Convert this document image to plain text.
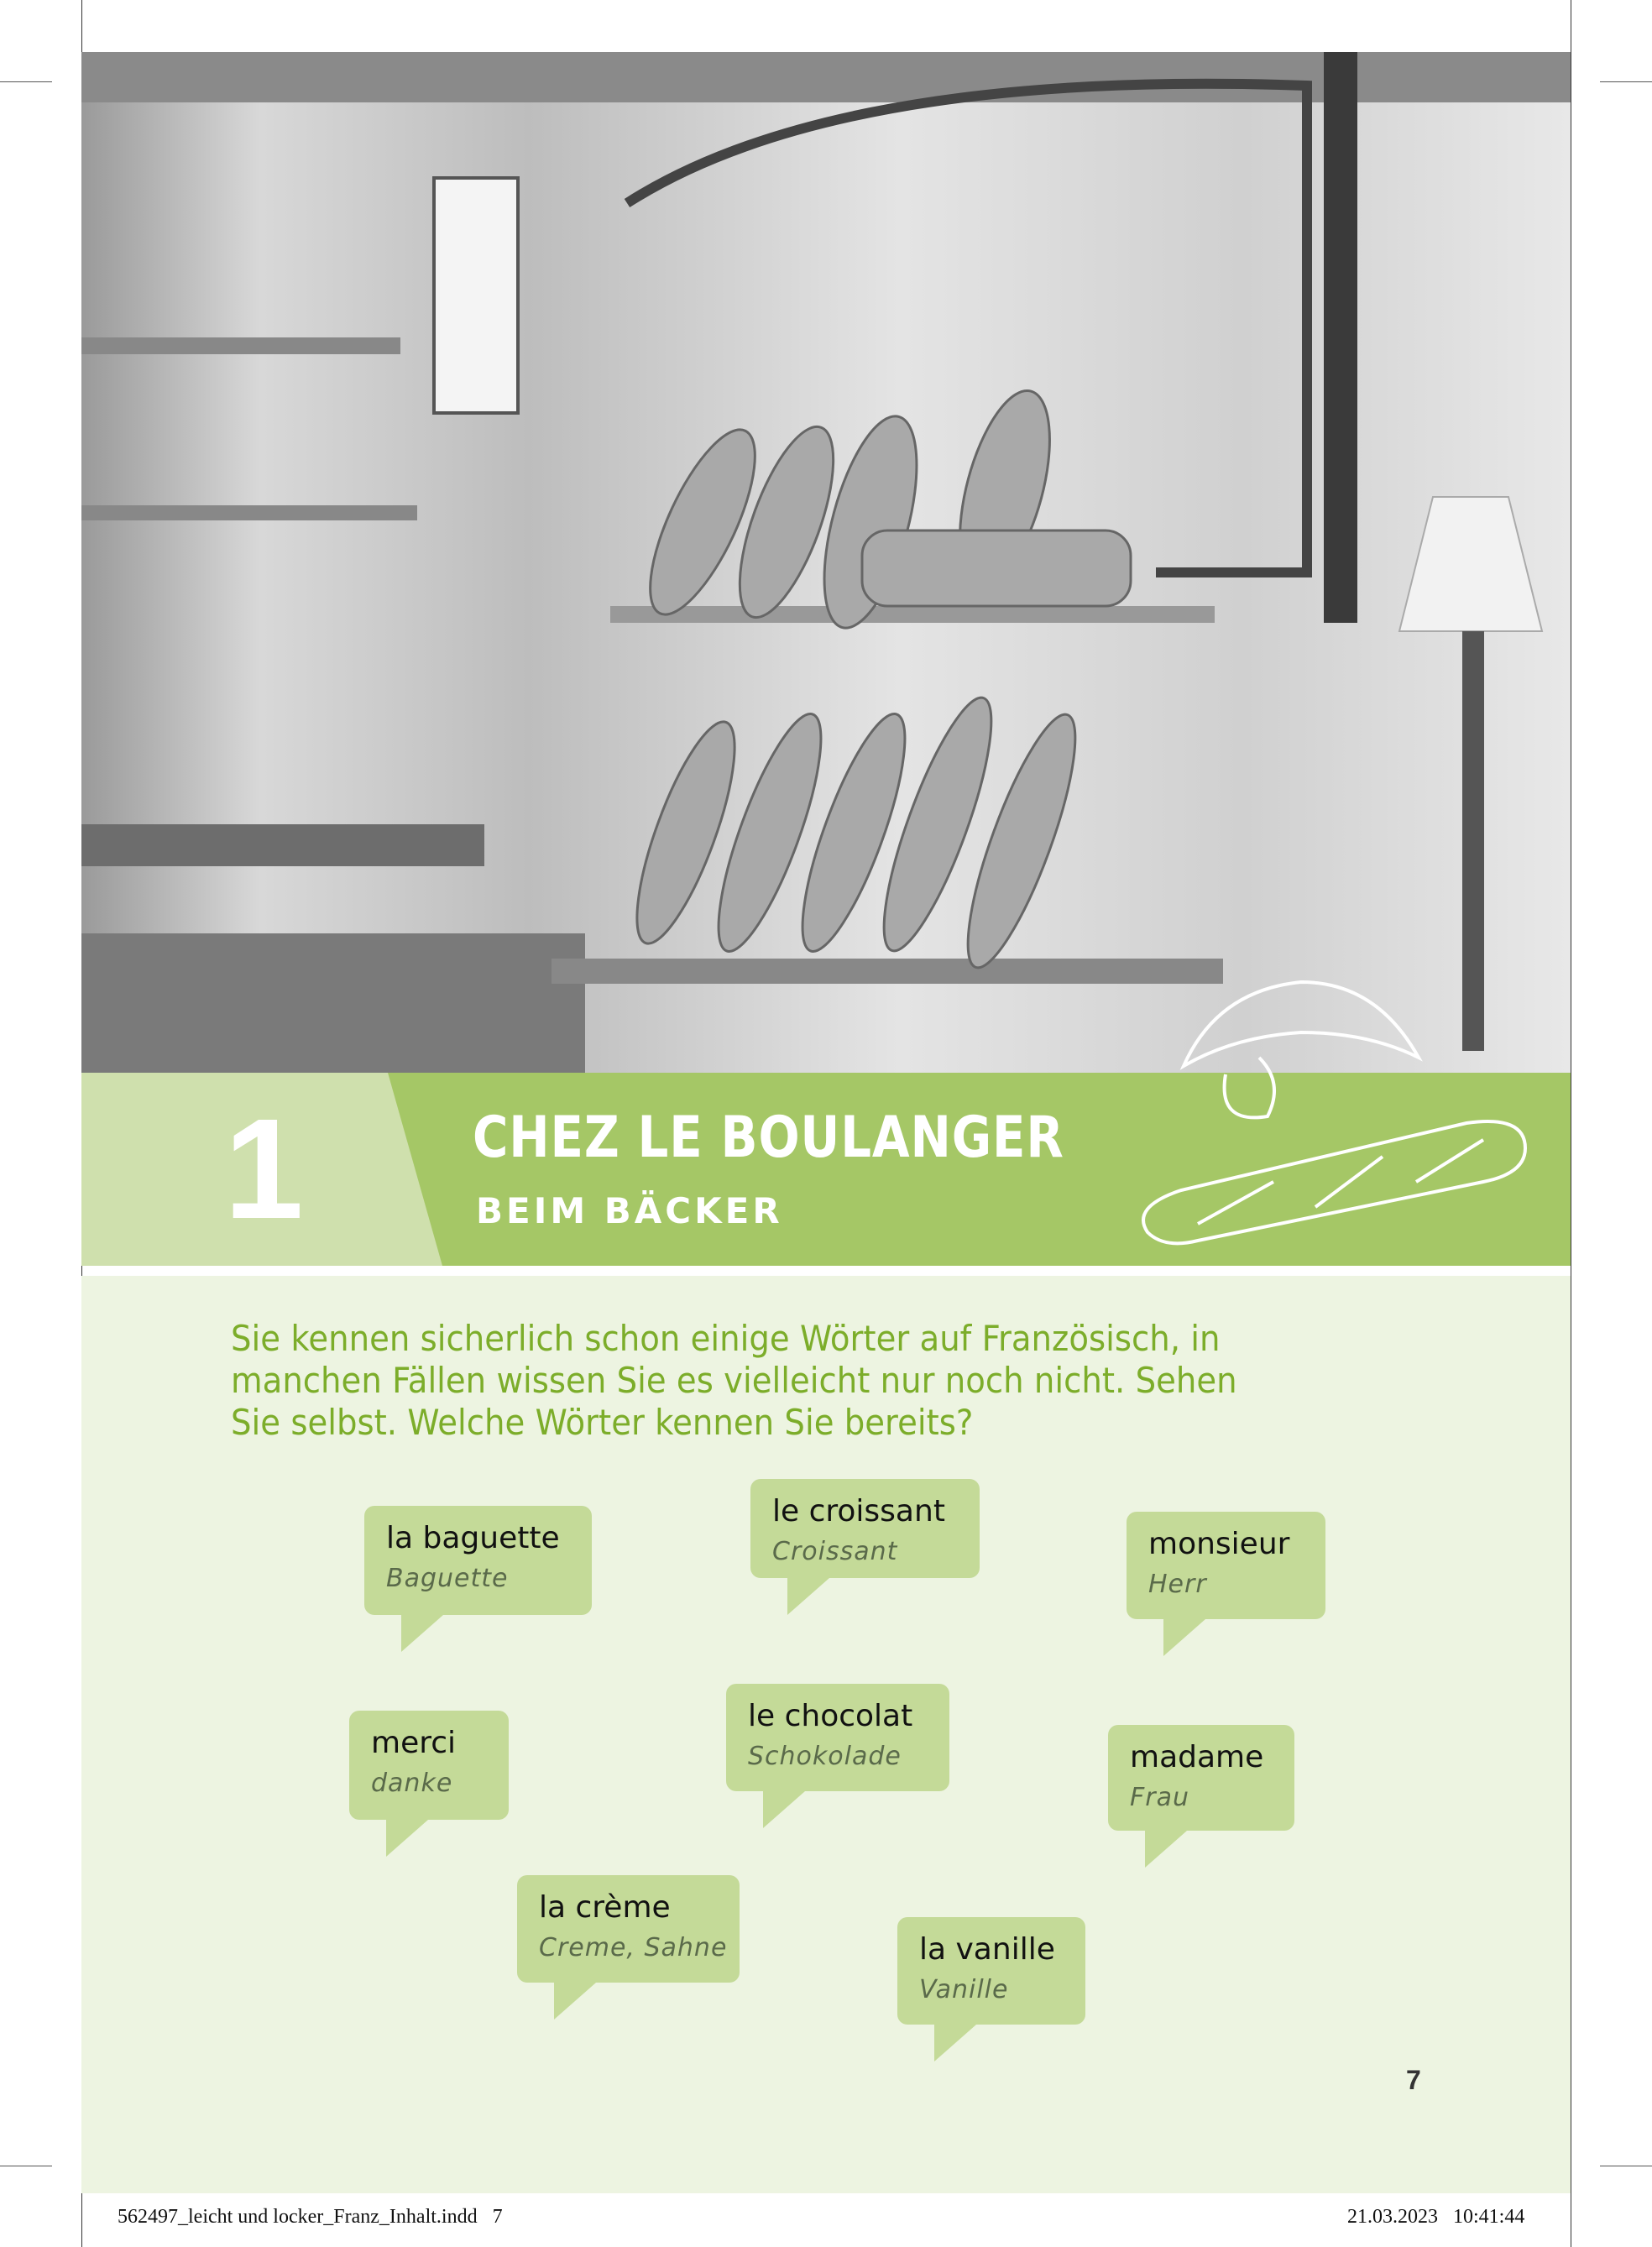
1	CHEZ LE BOULANGER
BEIM BÄCKER
Sie kennen sicherlich schon einige Wörter auf Französisch, in manchen Fällen wissen Sie es vielleicht nur noch nicht. Sehen Sie selbst. Welche Wörter kennen Sie bereits?
la baguette
Baguette
le croissant
Croissant	monsieur
Herr
merci
danke
le chocolat
Schokolade	madame
Frau
la crème
Creme, Sahne	la vanille
Vanille
7
562497_leicht und locker_Franz_Inhalt.indd   7	21.03.2023   10:41:44
